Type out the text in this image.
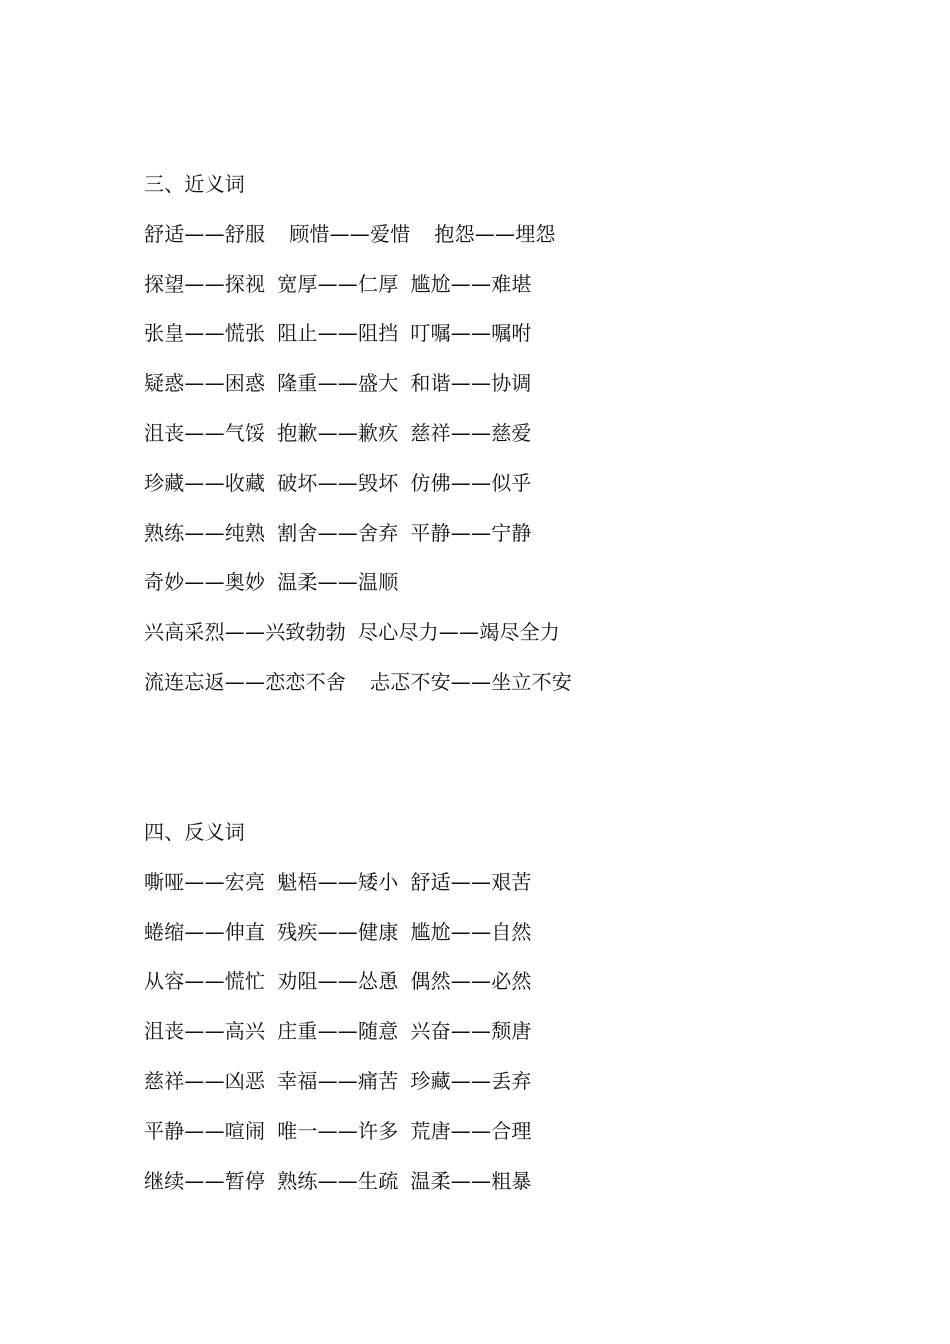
三、近义词
舒适——舒服 顾惜——爱惜 抱怨——埋怨
探望——探视 宽厚——仁厚 尴尬——难堪
张皇——慌张 阻止——阻挡 叮嘱——嘱咐
疑惑——困惑 隆重——盛大 和谐——协调
沮丧——气馁 抱歉——歉疚 慈祥——慈爱
珍藏——收藏 破坏——毁坏 仿佛——似乎
熟练——纯熟 割舍——舍弃 平静——宁静
奇妙——奥妙 温柔——温顺
兴高采烈——兴致勃勃 尽心尽力——竭尽全力
流连忘返——恋恋不舍 忐忑不安——坐立不安
四、反义词
嘶哑——宏亮 魁梧——矮小 舒适——艰苦
蜷缩——伸直 残疾——健康 尴尬——自然
从容——慌忙 劝阻——怂恿 偶然——必然
沮丧——高兴 庄重——随意 兴奋——颓唐
慈祥——凶恶 幸福——痛苦 珍藏——丢弃
平静——喧闹 唯一——许多 荒唐——合理
继续——暂停 熟练——生疏 温柔——粗暴
